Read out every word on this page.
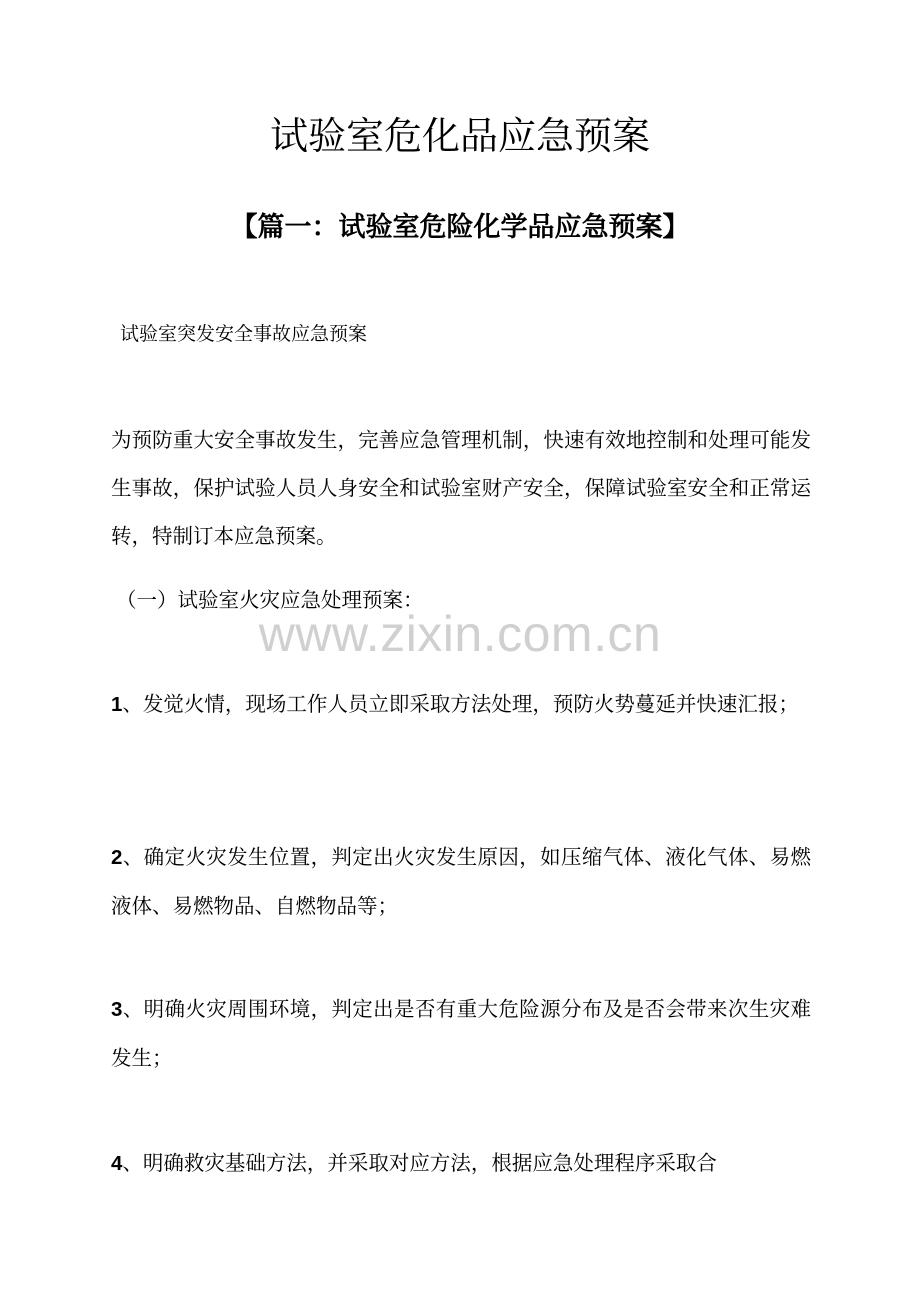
试验室危化品应急预案
【篇一：试验室危险化学品应急预案】

试验室突发安全事故应急预案

为预防重大安全事故发生，完善应急管理机制，快速有效地控制和处理可能发生事故，保护试验人员人身安全和试验室财产安全，保障试验室安全和正常运转，特制订本应急预案。

（一）试验室火灾应急处理预案：

www.zixin.com.cn

1、发觉火情，现场工作人员立即采取方法处理，预防火势蔓延并快速汇报；

2、确定火灾发生位置，判定出火灾发生原因，如压缩气体、液化气体、易燃液体、易燃物品、自燃物品等；

3、明确火灾周围环境，判定出是否有重大危险源分布及是否会带来次生灾难发生；

4、明确救灾基础方法，并采取对应方法，根据应急处理程序采取合
